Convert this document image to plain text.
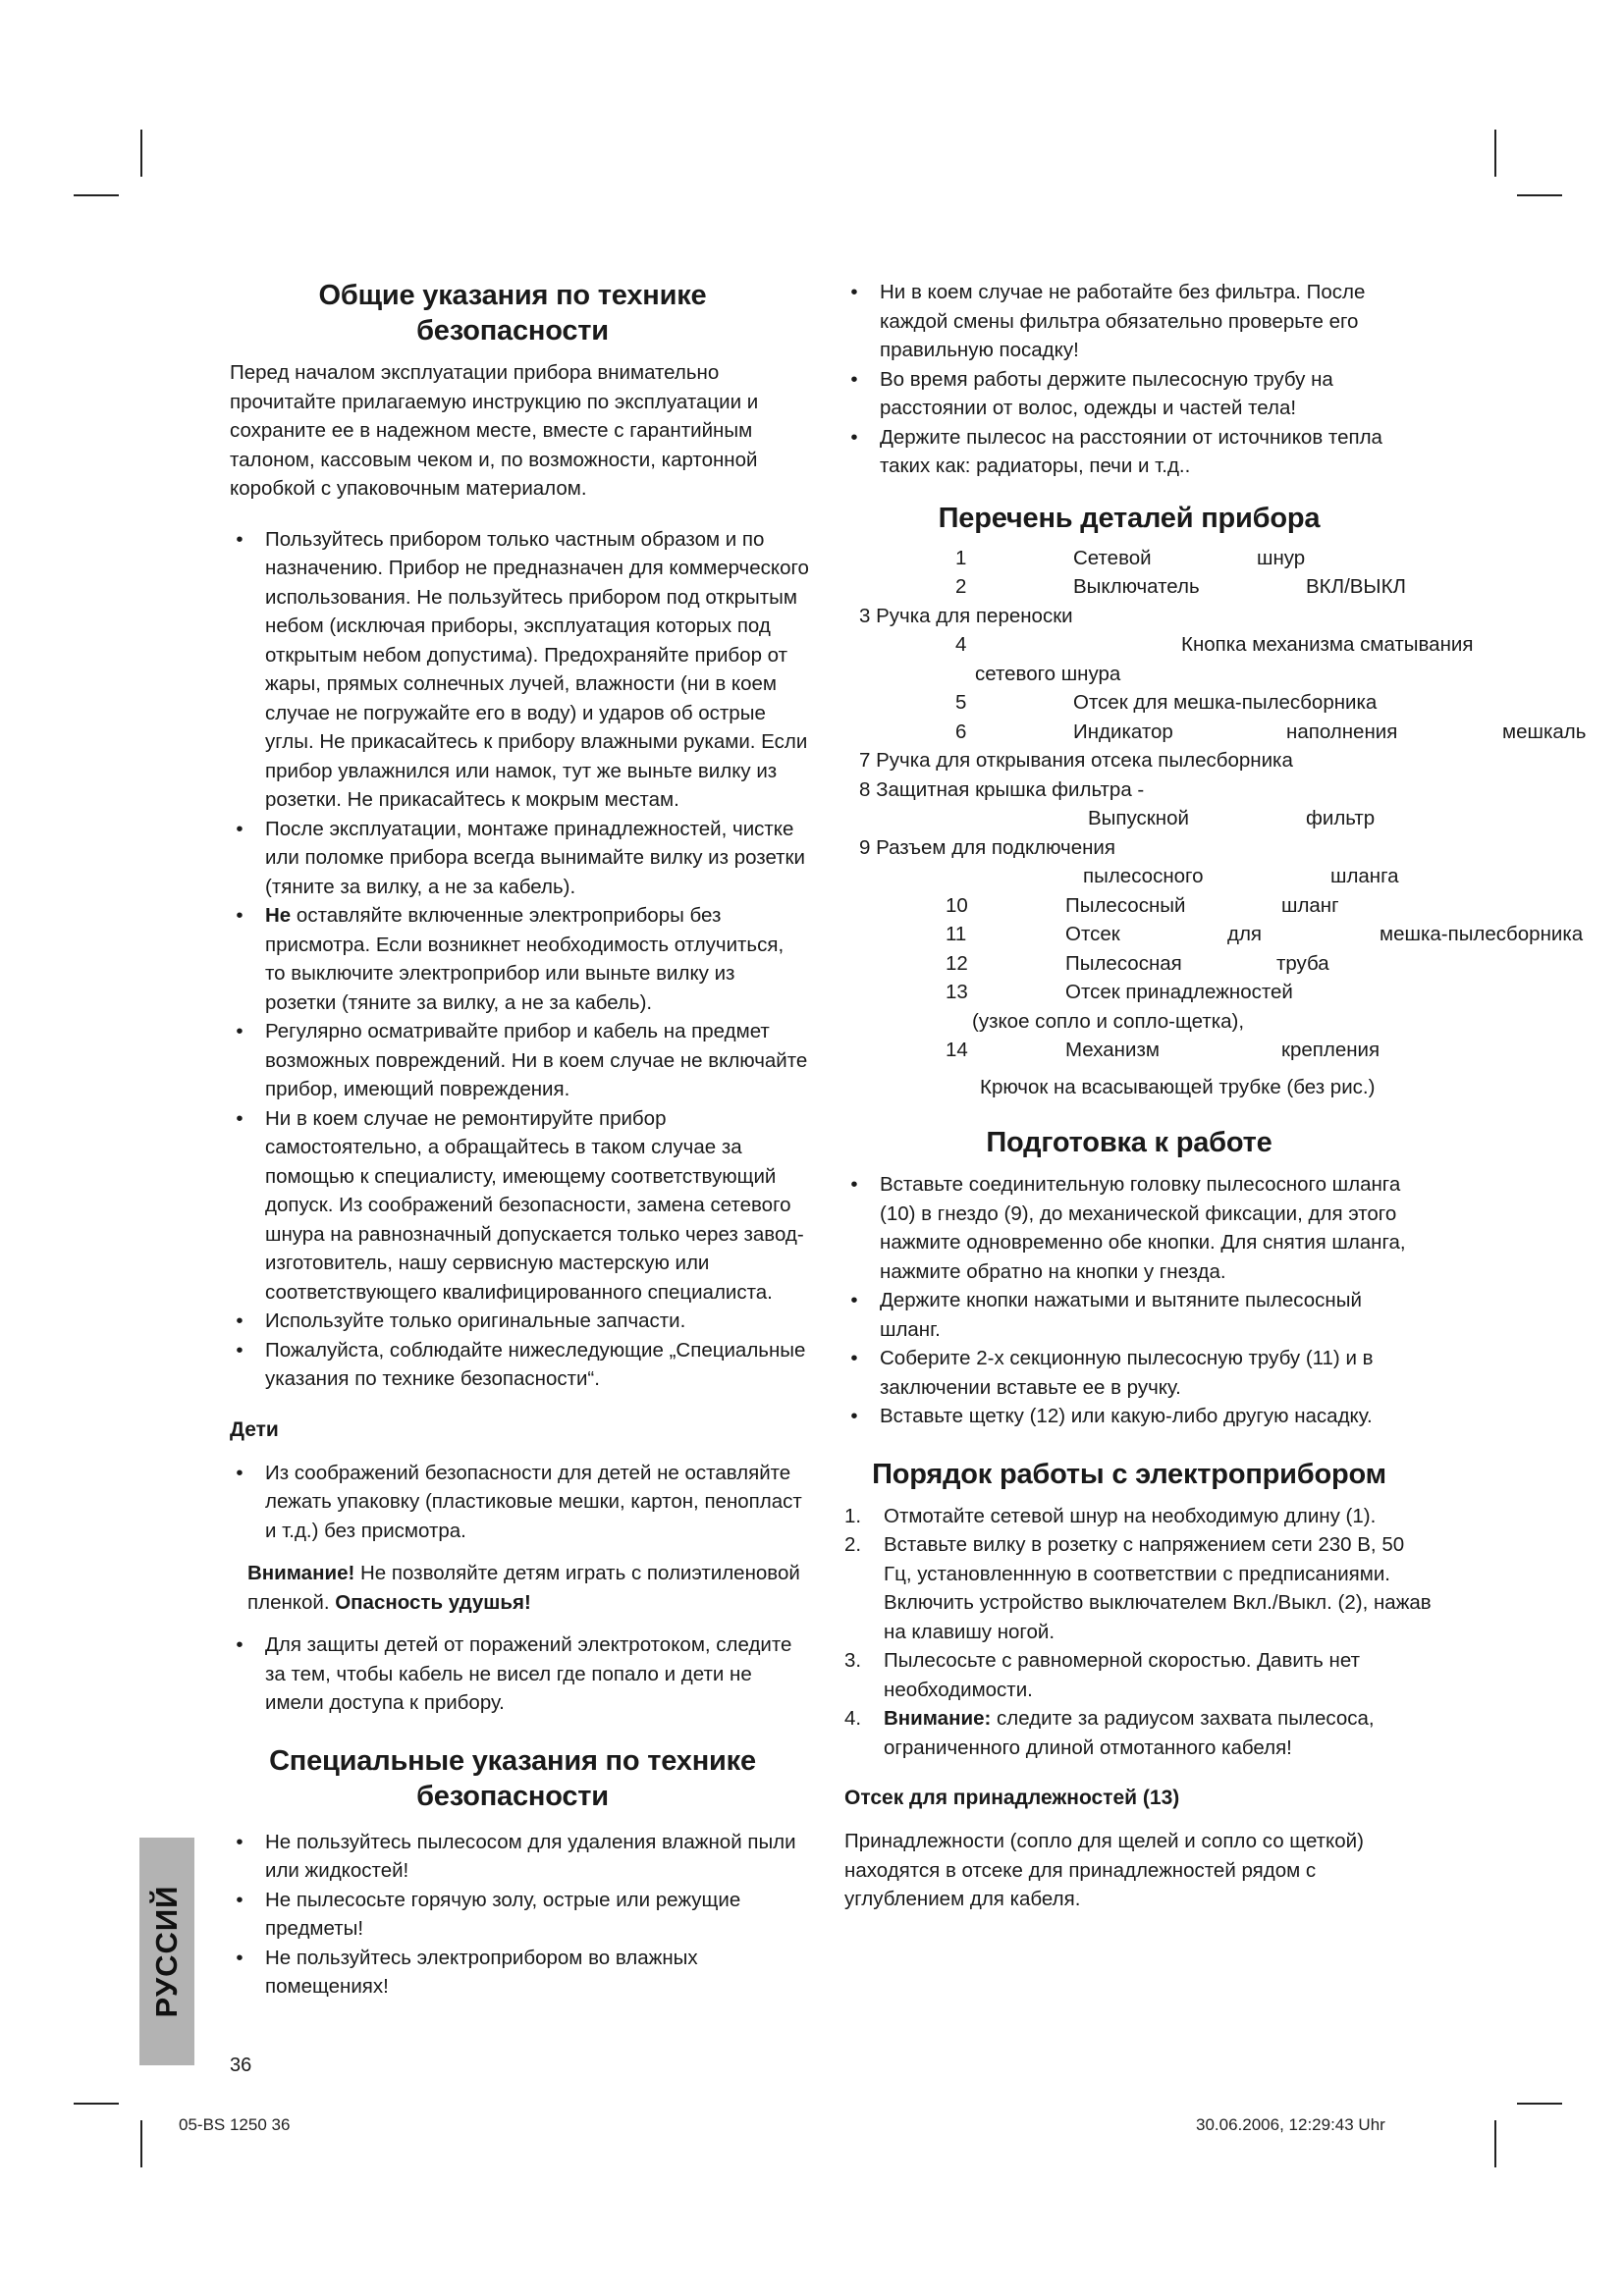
Общие указания по технике безопасности

Перед началом эксплуатации прибора внимательно прочитайте прилагаемую инструкцию по эксплуатации и сохраните ее в надежном месте, вместе с гарантийным талоном, кассовым чеком и, по возможности, картонной коробкой с упаковочным материалом.

•	Пользуйтесь прибором только частным образом и по назначению. Прибор не предназначен для коммерческого использования. Не пользуйтесь прибором под открытым небом (исключая приборы, эксплуатация которых под открытым небом допустима). Предохраняйте прибор от жары, прямых солнечных лучей, влажности (ни в коем случае не погружайте его в воду) и ударов об острые углы. Не прикасайтесь к прибору влажными руками. Если прибор увлажнился или намок, тут же выньте вилку из розетки. Не прикасайтесь к мокрым местам.
•	После эксплуатации, монтаже принадлежностей, чистке или поломке прибора всегда вынимайте вилку из розетки (тяните за вилку, а не за кабель).
•	Не оставляйте включенные электроприборы без присмотра. Если возникнет необходимость отлучиться, то выключите электроприбор или выньте вилку из розетки (тяните за вилку, а не за кабель).
•	Регулярно осматривайте прибор и кабель на предмет возможных повреждений. Ни в коем случае не включайте прибор, имеющий повреждения.
•	Ни в коем случае не ремонтируйте прибор самостоятельно, а обращайтесь в таком случае за помощью к специалисту, имеющему соответствующий допуск. Из соображений безопасности, замена сетевого шнура на равнозначный допускается только через завод-изготовитель, нашу сервисную мастерскую или соответствующего квалифицированного специалиста.
•	Используйте только оригинальные запчасти.
•	Пожалуйста, соблюдайте нижеследующие „Специальные указания по технике безопасности“.
Дети
•	Из соображений безопасности для детей не оставляйте лежать упаковку (пластиковые мешки, картон, пенопласт и т.д.) без присмотра.

Внимание! Не позволяйте детям играть с полиэтиленовой пленкой. Опасность удушья!

•	Для защиты детей от поражений электротоком, следите за тем, чтобы кабель не висел где попало и дети не имели доступа к прибору.
Специальные указания по технике безопасности
•	Не пользуйтесь пылесосом для удаления влажной пыли или жидкостей!
•	Не пылесосьте горячую золу, острые или режущие предметы!
•	Не пользуйтесь электроприбором во влажных помещениях!
РУССИЙ
36
•	Ни в коем случае не работайте без фильтра. После каждой смены фильтра обязательно проверьте его правильную посадку!
•	Во время работы держите пылесосную трубу на расстоянии от волос, одежды и частей тела!
•	Держите пылесос на расстоянии от источников тепла таких как: радиаторы, печи и т.д..
Перечень деталей прибора
1	Сетевой	шнур
2	Выключатель	ВКЛ/ВЫКЛ
3 Ручка для переноски
4	Кнопка механизма сматывания
сетевого шнура
5	Отсек для мешка-пылесборника
6	Индикатор	наполнения	мешкаль
7 Ручка для открывания отсека пылесборника
8 Защитная крышка фильтра -
Выпускной	фильтр
9 Разъем для подключения
пылесосного	шланга
10	Пылесосный	шланг
11	Отсек	для	мешка-пылесборника
12	Пылесосная	труба
13	Отсек принадлежностей
(узкое сопло и сопло-щетка),
14	Механизм	крепления
Крючок на всасывающей трубке (без рис.)
Подготовка к работе
•	Вставьте соединительную головку пылесосного шланга (10) в гнездо (9), до механической фиксации, для этого нажмите одновременно обе кнопки. Для снятия шланга, нажмите обратно на кнопки у гнезда.
•	Держите кнопки нажатыми и вытяните пылесосный шланг.
•	Соберите 2-х секционную пылесосную трубу (11) и в заключении вставьте ее в ручку.
•	Вставьте щетку (12) или какую-либо другую насадку.
Порядок работы с электроприбором
1. Отмотайте сетевой шнур на необходимую длину (1).
2. Вставьте вилку в розетку с напряжением сети 230 В, 50 Гц, установленнную в соответствии с предписаниями. Включить устройство выключателем Вкл./Выкл. (2), нажав на клавишу ногой.
3. Пылесосьте с равномерной скоростью. Давить нет необходимости.
4. Внимание: следите за радиусом захвата пылесоса, ограниченного длиной отмотанного кабеля!
Отсек для принадлежностей (13)

Принадлежности (сопло для щелей и сопло со щеткой) находятся в отсеке для принадлежностей рядом с углублением для кабеля.

05-BS 1250 36	30.06.2006, 12:29:43 Uhr
